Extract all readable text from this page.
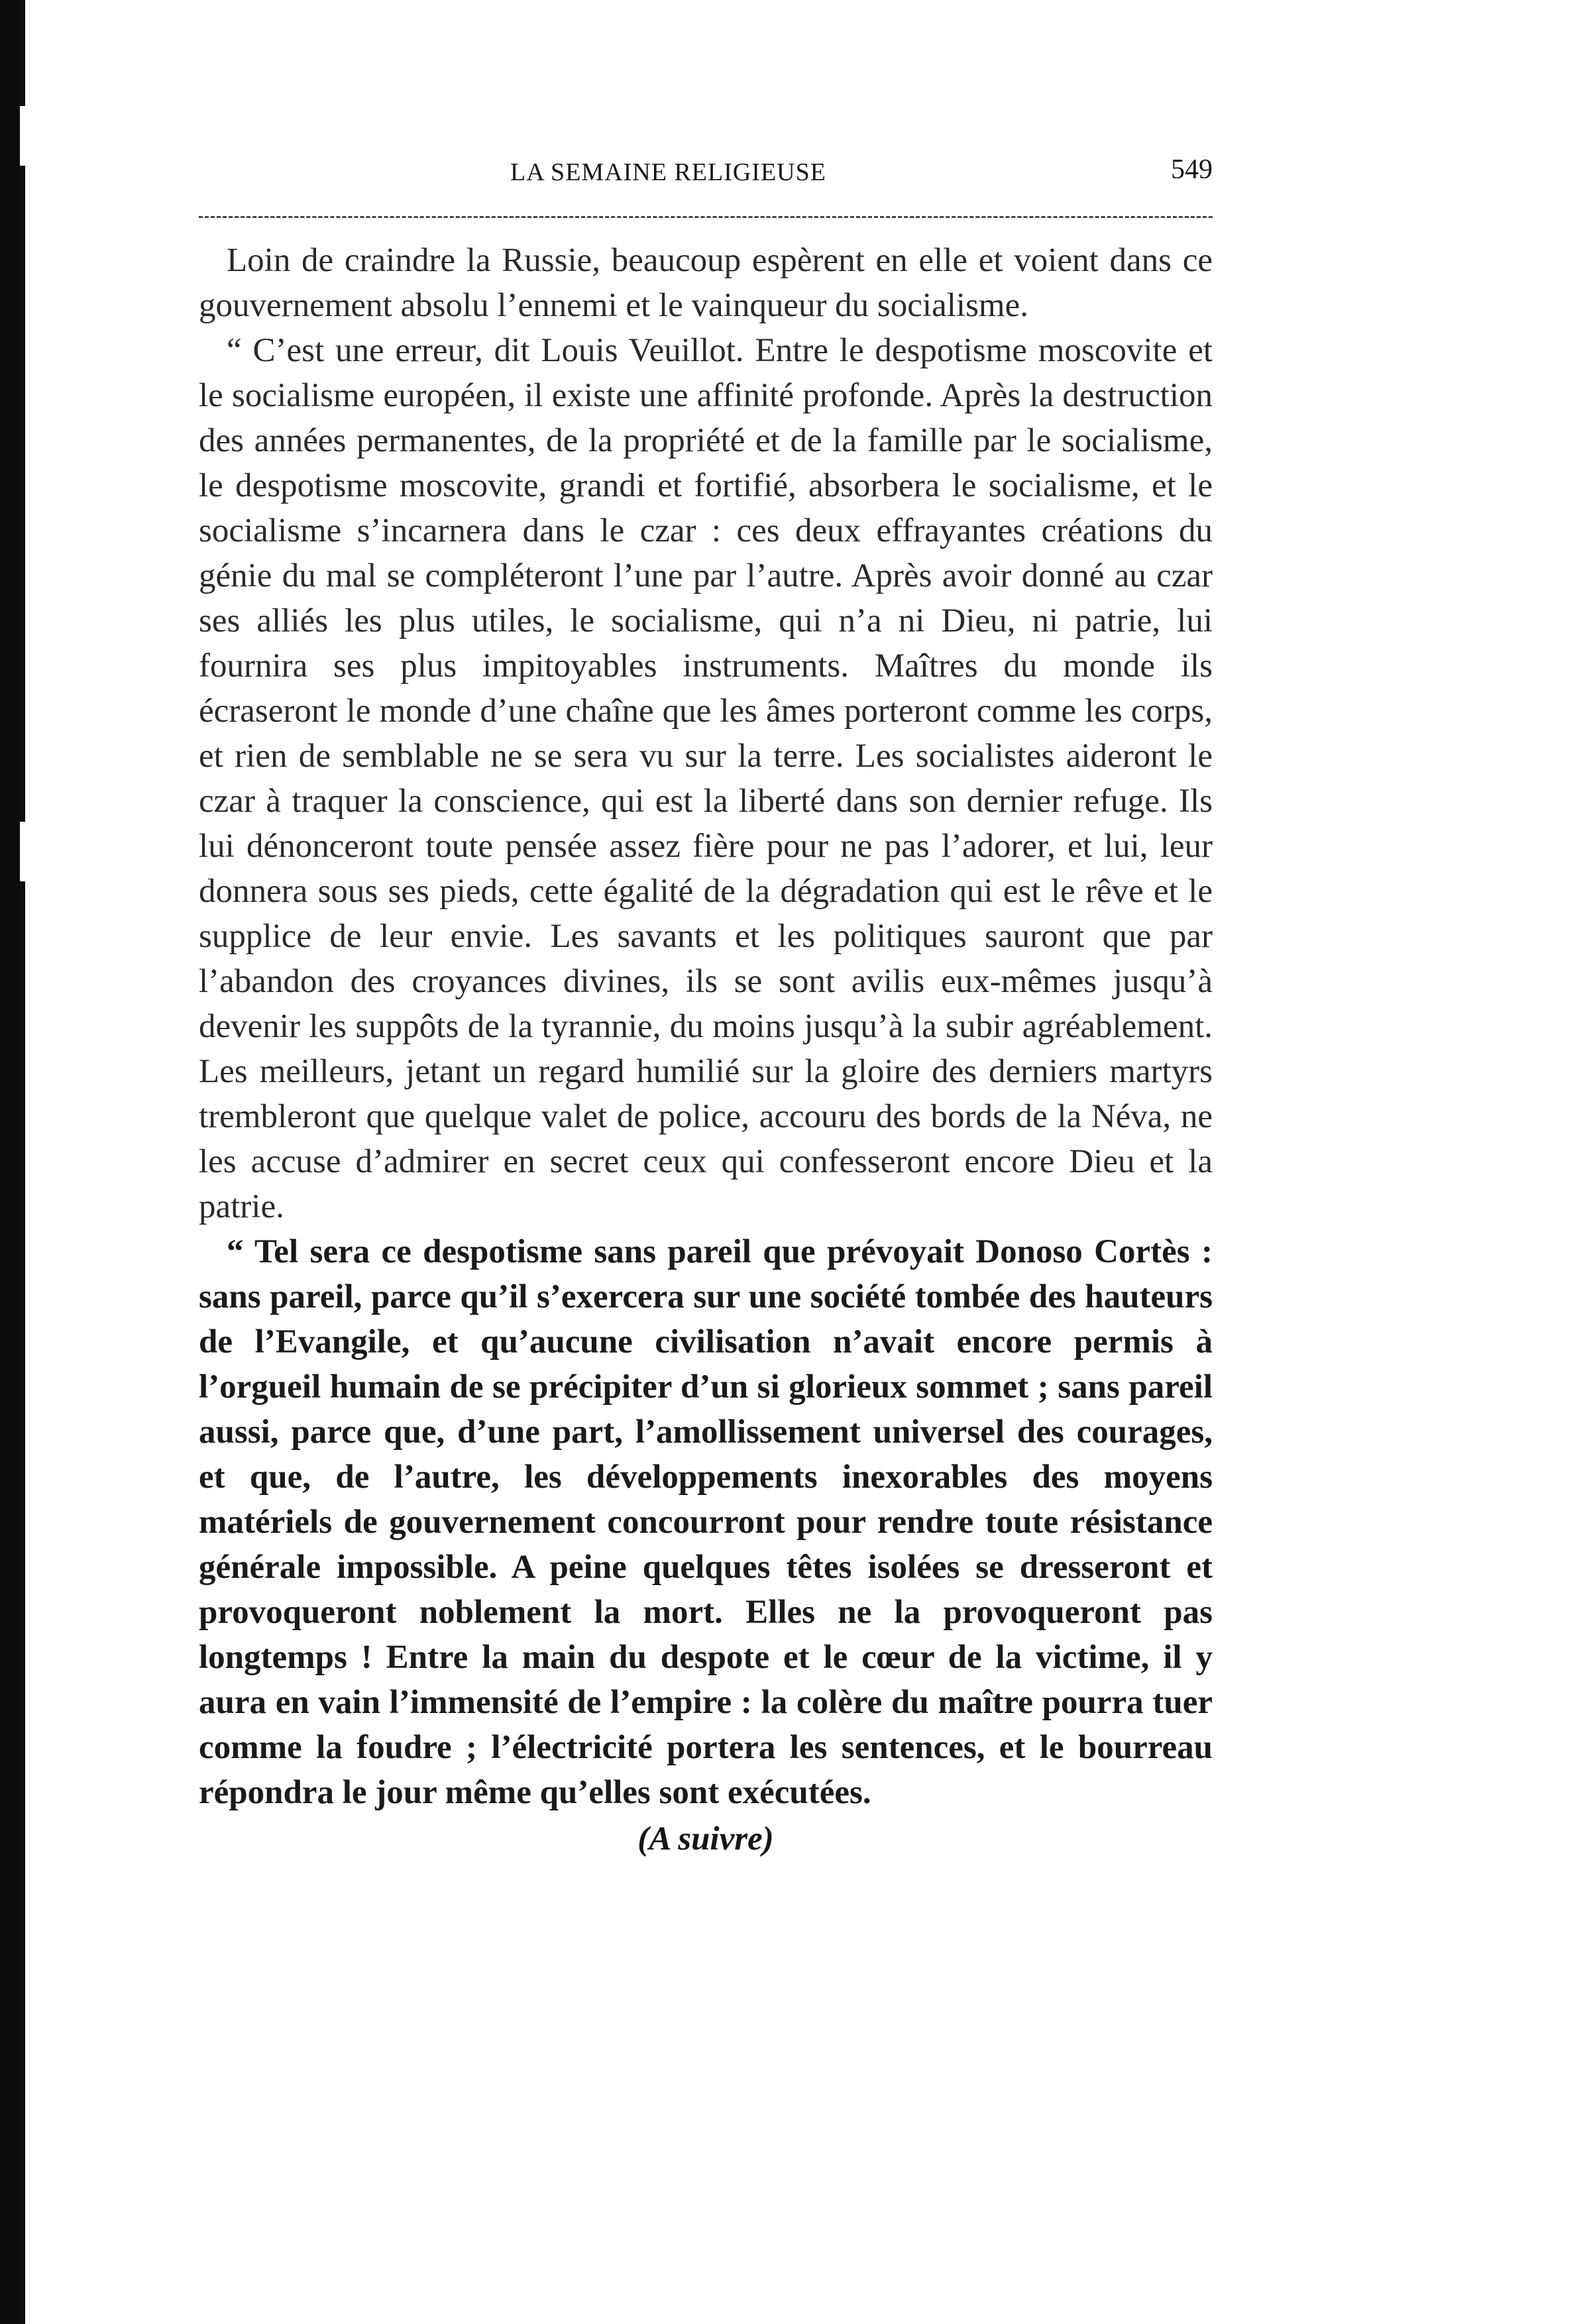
LA SEMAINE RELIGIEUSE	549

Loin de craindre la Russie, beaucoup espèrent en elle et voient dans ce gouvernement absolu l’ennemi et le vainqueur du socialisme.

“ C’est une erreur, dit Louis Veuillot. Entre le despotisme moscovite et le socialisme européen, il existe une affinité profonde. Après la destruction des années permanentes, de la propriété et de la famille par le socialisme, le despotisme moscovite, grandi et fortifié, absorbera le socialisme, et le socialisme s’incarnera dans le czar : ces deux effrayantes créations du génie du mal se compléteront l’une par l’autre. Après avoir donné au czar ses alliés les plus utiles, le socialisme, qui n’a ni Dieu, ni patrie, lui fournira ses plus impitoyables instruments. Maîtres du monde ils écraseront le monde d’une chaîne que les âmes porteront comme les corps, et rien de semblable ne se sera vu sur la terre. Les socialistes aideront le czar à traquer la conscience, qui est la liberté dans son dernier refuge. Ils lui dénonceront toute pensée assez fière pour ne pas l’adorer, et lui, leur donnera sous ses pieds, cette égalité de la dégradation qui est le rêve et le supplice de leur envie. Les savants et les politiques sauront que par l’abandon des croyances divines, ils se sont avilis eux-mêmes jusqu’à devenir les suppôts de la tyrannie, du moins jusqu’à la subir agréablement. Les meilleurs, jetant un regard humilié sur la gloire des derniers martyrs trembleront que quelque valet de police, accouru des bords de la Néva, ne les accuse d’admirer en secret ceux qui confesseront encore Dieu et la patrie.

“ Tel sera ce despotisme sans pareil que prévoyait Donoso Cortès : sans pareil, parce qu’il s’exercera sur une société tombée des hauteurs de l’Evangile, et qu’aucune civilisation n’avait encore permis à l’orgueil humain de se précipiter d’un si glorieux sommet ; sans pareil aussi, parce que, d’une part, l’amollissement universel des courages, et que, de l’autre, les développements inexorables des moyens matériels de gouvernement concourront pour rendre toute résistance générale impossible. A peine quelques têtes isolées se dresseront et provoqueront noblement la mort. Elles ne la provoqueront pas longtemps ! Entre la main du despote et le cœur de la victime, il y aura en vain l’immensité de l’empire : la colère du maître pourra tuer comme la foudre ; l’électricité portera les sentences, et le bourreau répondra le jour même qu’elles sont exécutées.

(A suivre)
